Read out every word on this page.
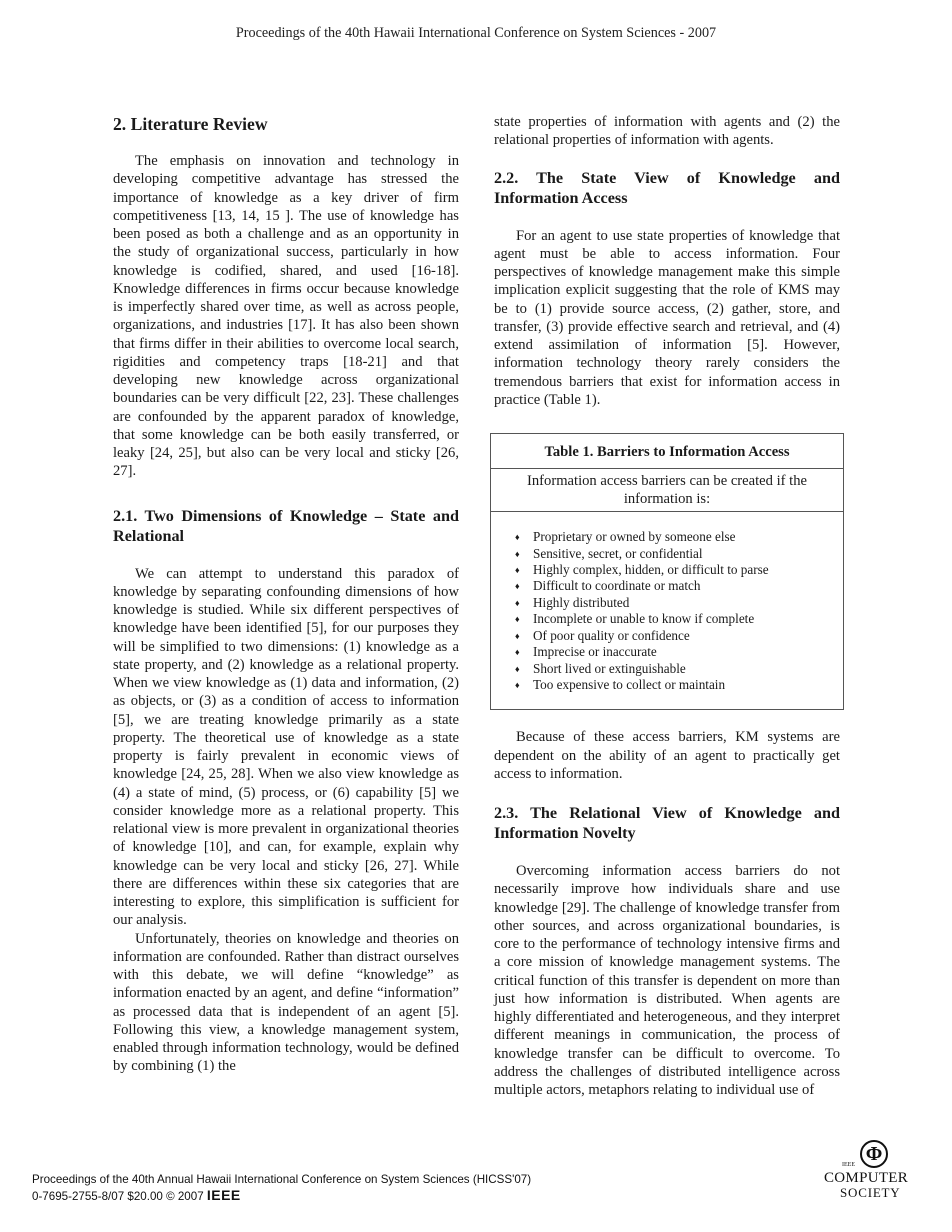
Proceedings of the 40th Hawaii International Conference on System Sciences - 2007
2. Literature Review

The emphasis on innovation and technology in developing competitive advantage has stressed the importance of knowledge as a key driver of firm competitiveness [13, 14, 15 ]. The use of knowledge has been posed as both a challenge and as an opportunity in the study of organizational success, particularly in how knowledge is codified, shared, and used [16-18]. Knowledge differences in firms occur because knowledge is imperfectly shared over time, as well as across people, organizations, and industries [17]. It has also been shown that firms differ in their abilities to overcome local search, rigidities and competency traps [18-21] and that developing new knowledge across organizational boundaries can be very difficult [22, 23]. These challenges are confounded by the apparent paradox of knowledge, that some knowledge can be both easily transferred, or leaky [24, 25], but also can be very local and sticky [26, 27].

2.1. Two Dimensions of Knowledge – State and Relational

We can attempt to understand this paradox of knowledge by separating confounding dimensions of how knowledge is studied. While six different perspectives of knowledge have been identified [5], for our purposes they will be simplified to two dimensions: (1) knowledge as a state property, and (2) knowledge as a relational property. When we view knowledge as (1) data and information, (2) as objects, or (3) as a condition of access to information [5], we are treating knowledge primarily as a state property. The theoretical use of knowledge as a state property is fairly prevalent in economic views of knowledge [24, 25, 28]. When we also view knowledge as (4) a state of mind, (5) process, or (6) capability [5] we consider knowledge more as a relational property. This relational view is more prevalent in organizational theories of knowledge [10], and can, for example, explain why knowledge can be very local and sticky [26, 27]. While there are differences within these six categories that are interesting to explore, this simplification is sufficient for our analysis.

Unfortunately, theories on knowledge and theories on information are confounded. Rather than distract ourselves with this debate, we will define “knowledge” as information enacted by an agent, and define “information” as processed data that is independent of an agent [5]. Following this view, a knowledge management system, enabled through information technology, would be defined by combining (1) the

state properties of information with agents and (2) the relational properties of information with agents.

2.2. The State View of Knowledge and Information Access

For an agent to use state properties of knowledge that agent must be able to access information. Four perspectives of knowledge management make this simple implication explicit suggesting that the role of KMS may be to (1) provide source access, (2) gather, store, and transfer, (3) provide effective search and retrieval, and (4) extend assimilation of information [5]. However, information technology theory rarely considers the tremendous barriers that exist for information access in practice (Table 1).

Table 1. Barriers to Information Access
Information access barriers can be created if the information is:
♦ Proprietary or owned by someone else
♦ Sensitive, secret, or confidential
♦ Highly complex, hidden, or difficult to parse
♦ Difficult to coordinate or match
♦ Highly distributed
♦ Incomplete or unable to know if complete
♦ Of poor quality or confidence
♦ Imprecise or inaccurate
♦ Short lived or extinguishable
♦ Too expensive to collect or maintain

Because of these access barriers, KM systems are dependent on the ability of an agent to practically get access to information.

2.3. The Relational View of Knowledge and Information Novelty

Overcoming information access barriers do not necessarily improve how individuals share and use knowledge [29]. The challenge of knowledge transfer from other sources, and across organizational boundaries, is core to the performance of technology intensive firms and a core mission of knowledge management systems. The critical function of this transfer is dependent on more than just how information is distributed. When agents are highly differentiated and heterogeneous, and they interpret different meanings in communication, the process of knowledge transfer can be difficult to overcome. To address the challenges of distributed intelligence across multiple actors, metaphors relating to individual use of

Proceedings of the 40th Annual Hawaii International Conference on System Sciences (HICSS'07)
0-7695-2755-8/07 $20.00 © 2007 IEEE
Φ
IEEE
COMPUTER
SOCIETY
